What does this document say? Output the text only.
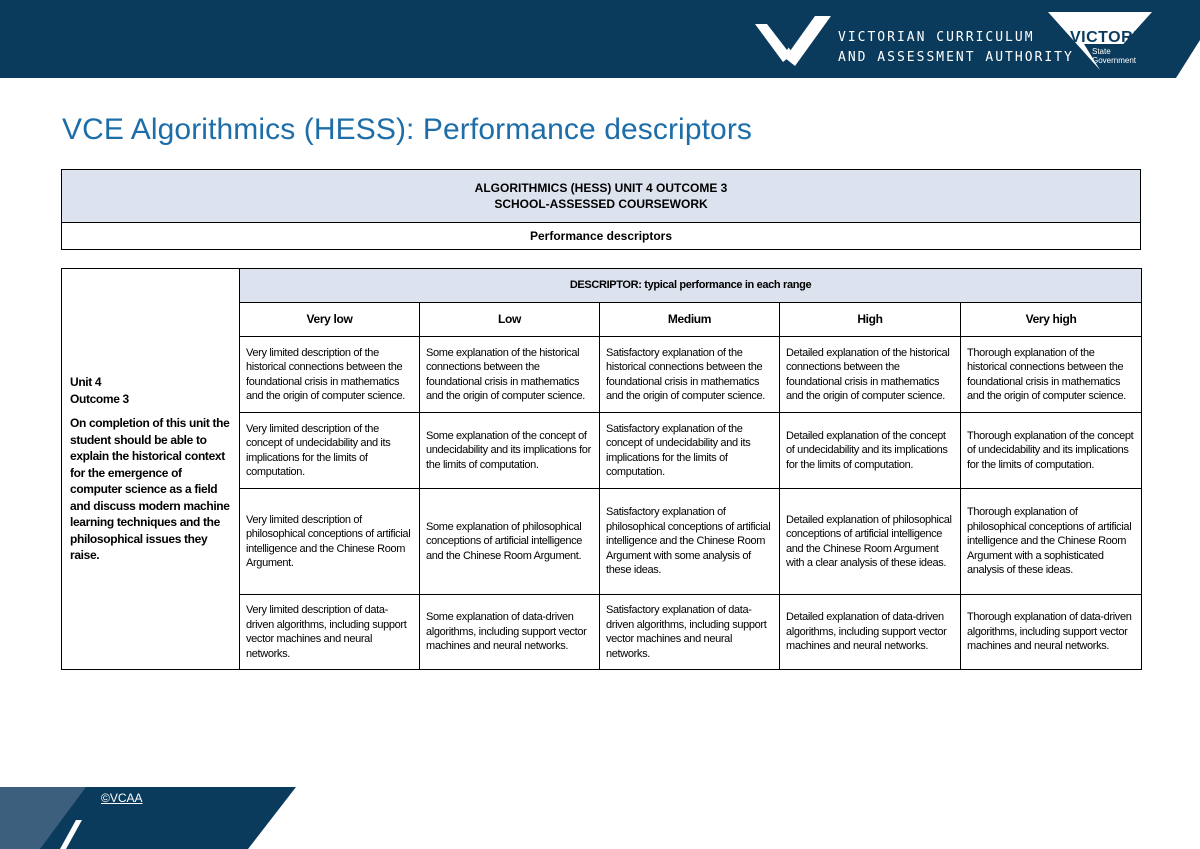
VICTORIAN CURRICULUM
AND ASSESSMENT AUTHORITY
VICTORIA
State
Government
VCE Algorithmics (HESS): Performance descriptors
ALGORITHMICS (HESS) UNIT 4 OUTCOME 3
SCHOOL-ASSESSED COURSEWORK

Performance descriptors
Unit 4
Outcome 3
On completion of this unit the student should be able to explain the historical context for the emergence of computer science as a field and discuss modern machine learning techniques and the philosophical issues they raise.	DESCRIPTOR: typical performance in each range				
	Very low	Low	Medium	High	Very high
	Very limited description of the historical connections between the foundational crisis in mathematics and the origin of computer science.	Some explanation of the historical connections between the foundational crisis in mathematics and the origin of computer science.	Satisfactory explanation of the historical connections between the foundational crisis in mathematics and the origin of computer science.	Detailed explanation of the historical connections between the foundational crisis in mathematics and the origin of computer science.	Thorough explanation of the historical connections between the foundational crisis in mathematics and the origin of computer science.
	Very limited description of the concept of undecidability and its implications for the limits of computation.	Some explanation of the concept of undecidability and its implications for the limits of computation.	Satisfactory explanation of the concept of undecidability and its implications for the limits of computation.	Detailed explanation of the concept of undecidability and its implications for the limits of computation.	Thorough explanation of the concept of undecidability and its implications for the limits of computation.
	Very limited description of philosophical conceptions of artificial intelligence and the Chinese Room Argument.	Some explanation of philosophical conceptions of artificial intelligence and the Chinese Room Argument.	Satisfactory explanation of philosophical conceptions of artificial intelligence and the Chinese Room Argument with some analysis of these ideas.	Detailed explanation of philosophical conceptions of artificial intelligence and the Chinese Room Argument with a clear analysis of these ideas.	Thorough explanation of philosophical conceptions of artificial intelligence and the Chinese Room Argument with a sophisticated analysis of these ideas.
	Very limited description of data-driven algorithms, including support vector machines and neural networks.	Some explanation of data-driven algorithms, including support vector machines and neural networks.	Satisfactory explanation of data-driven algorithms, including support vector machines and neural networks.	Detailed explanation of data-driven algorithms, including support vector machines and neural networks.	Thorough explanation of data-driven algorithms, including support vector machines and neural networks.
©VCAA
